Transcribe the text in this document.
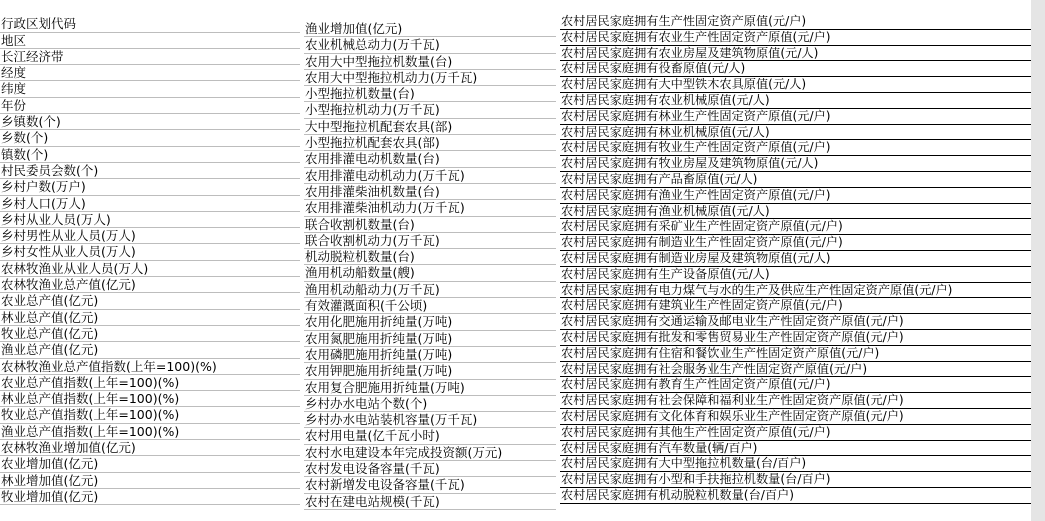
行政区划代码
地区
长江经济带
经度
纬度
年份
乡镇数(个)
乡数(个)
镇数(个)
村民委员会数(个)
乡村户数(万户)
乡村人口(万人)
乡村从业人员(万人)
乡村男性从业人员(万人)
乡村女性从业人员(万人)
农林牧渔业从业人员(万人)
农林牧渔业总产值(亿元)
农业总产值(亿元)
林业总产值(亿元)
牧业总产值(亿元)
渔业总产值(亿元)
农林牧渔业总产值指数(上年=100)(%)
农业总产值指数(上年=100)(%)
林业总产值指数(上年=100)(%)
牧业总产值指数(上年=100)(%)
渔业总产值指数(上年=100)(%)
农林牧渔业增加值(亿元)
农业增加值(亿元)
林业增加值(亿元)
牧业增加值(亿元)
渔业增加值(亿元)
农业机械总动力(万千瓦)
农用大中型拖拉机数量(台)
农用大中型拖拉机动力(万千瓦)
小型拖拉机数量(台)
小型拖拉机动力(万千瓦)
大中型拖拉机配套农具(部)
小型拖拉机配套农具(部)
农用排灌电动机数量(台)
农用排灌电动机动力(万千瓦)
农用排灌柴油机数量(台)
农用排灌柴油机动力(万千瓦)
联合收割机数量(台)
联合收割机动力(万千瓦)
机动脱粒机数量(台)
渔用机动船数量(艘)
渔用机动船动力(万千瓦)
有效灌溉面积(千公顷)
农用化肥施用折纯量(万吨)
农用氮肥施用折纯量(万吨)
农用磷肥施用折纯量(万吨)
农用钾肥施用折纯量(万吨)
农用复合肥施用折纯量(万吨)
乡村办水电站个数(个)
乡村办水电站装机容量(万千瓦)
农村用电量(亿千瓦小时)
农村水电建设本年完成投资额(万元)
农村发电设备容量(千瓦)
农村新增发电设备容量(千瓦)
农村在建电站规模(千瓦)
农村居民家庭拥有生产性固定资产原值(元/户)
农村居民家庭拥有农业生产性固定资产原值(元/户)
农村居民家庭拥有农业房屋及建筑物原值(元/人)
农村居民家庭拥有役畜原值(元/人)
农村居民家庭拥有大中型铁木农具原值(元/人)
农村居民家庭拥有农业机械原值(元/人)
农村居民家庭拥有林业生产性固定资产原值(元/户)
农村居民家庭拥有林业机械原值(元/人)
农村居民家庭拥有牧业生产性固定资产原值(元/户)
农村居民家庭拥有牧业房屋及建筑物原值(元/人)
农村居民家庭拥有产品畜原值(元/人)
农村居民家庭拥有渔业生产性固定资产原值(元/户)
农村居民家庭拥有渔业机械原值(元/人)
农村居民家庭拥有采矿业生产性固定资产原值(元/户)
农村居民家庭拥有制造业生产性固定资产原值(元/户)
农村居民家庭拥有制造业房屋及建筑物原值(元/人)
农村居民家庭拥有生产设备原值(元/人)
农村居民家庭拥有电力煤气与水的生产及供应生产性固定资产原值(元/户)
农村居民家庭拥有建筑业生产性固定资产原值(元/户)
农村居民家庭拥有交通运输及邮电业生产性固定资产原值(元/户)
农村居民家庭拥有批发和零售贸易业生产性固定资产原值(元/户)
农村居民家庭拥有住宿和餐饮业生产性固定资产原值(元/户)
农村居民家庭拥有社会服务业生产性固定资产原值(元/户)
农村居民家庭拥有教育生产性固定资产原值(元/户)
农村居民家庭拥有社会保障和福利业生产性固定资产原值(元/户)
农村居民家庭拥有文化体育和娱乐业生产性固定资产原值(元/户)
农村居民家庭拥有其他生产性固定资产原值(元/户)
农村居民家庭拥有汽车数量(辆/百户)
农村居民家庭拥有大中型拖拉机数量(台/百户)
农村居民家庭拥有小型和手扶拖拉机数量(台/百户)
农村居民家庭拥有机动脱粒机数量(台/百户)
